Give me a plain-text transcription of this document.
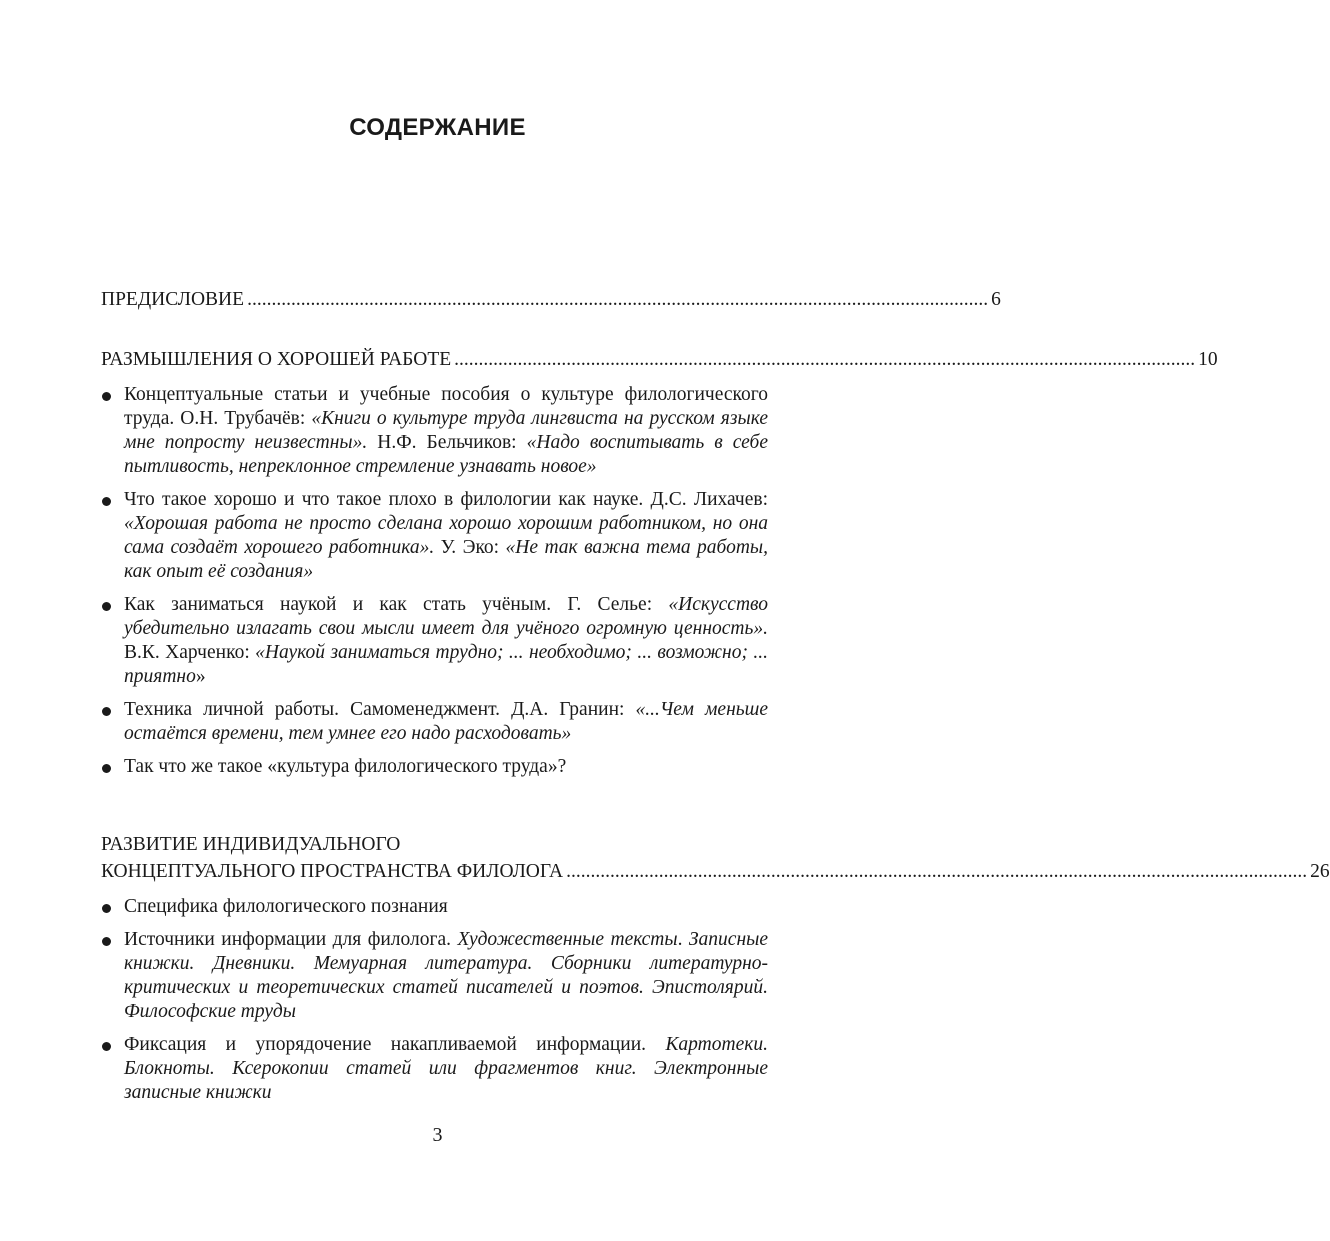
СОДЕРЖАНИЕ
ПРЕДИСЛОВИЕ ........................................................................................................................................................ 6
РАЗМЫШЛЕНИЯ О ХОРОШЕЙ РАБОТЕ ........................................................................................................................................................ 10
Концептуальные статьи и учебные пособия о культуре филологического труда. О.Н. Трубачёв: «Книги о культуре труда лингвиста на русском языке мне попросту неизвестны». Н.Ф. Бельчиков: «Надо воспитывать в себе пытливость, непреклонное стремление узнавать новое»
Что такое хорошо и что такое плохо в филологии как науке. Д.С. Лихачев: «Хорошая работа не просто сделана хорошо хорошим работником, но она сама создаёт хорошего работника». У. Эко: «Не так важна тема работы, как опыт её создания»
Как заниматься наукой и как стать учёным. Г. Селье: «Искусство убедительно излагать свои мысли имеет для учёного огромную ценность». В.К. Харченко: «Наукой заниматься трудно; ... необходимо; ... возможно; ... приятно»
Техника личной работы. Самоменеджмент. Д.А. Гранин: «...Чем меньше остаётся времени, тем умнее его надо расходовать»
Так что же такое «культура филологического труда»?
РАЗВИТИЕ ИНДИВИДУАЛЬНОГО
КОНЦЕПТУАЛЬНОГО ПРОСТРАНСТВА ФИЛОЛОГА ........................................................................................................................................................ 26
Специфика филологического познания
Источники информации для филолога. Художественные тексты. Записные книжки. Дневники. Мемуарная литература. Сборники литературно-критических и теоретических статей писателей и поэтов. Эпистолярий. Философские труды
Фиксация и упорядочение накапливаемой информации. Картотеки. Блокноты. Ксерокопии статей или фрагментов книг. Электронные записные книжки
3
